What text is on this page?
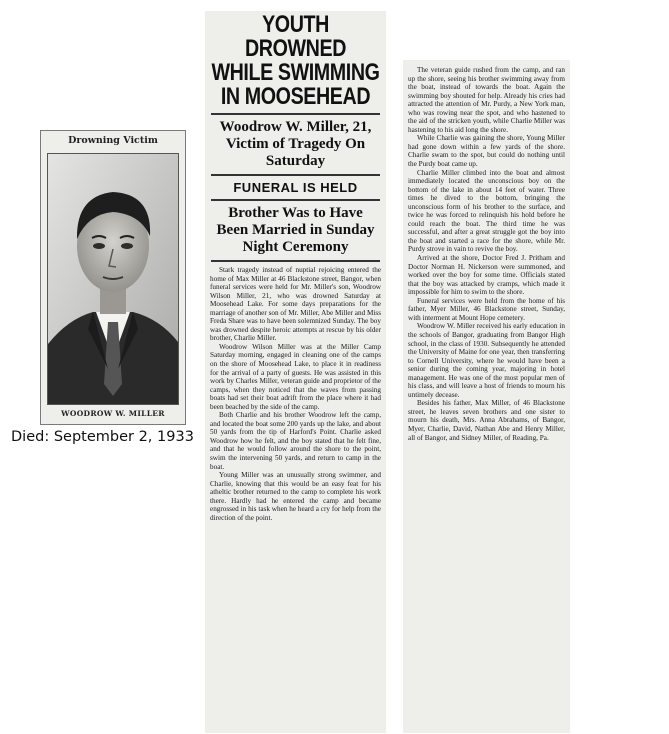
Drowning Victim
WOODROW W. MILLER
Died: September 2, 1933
YOUTH DROWNED
WHILE SWIMMING
IN MOOSEHEAD
Woodrow W. Miller, 21, Victim of Tragedy On Saturday
FUNERAL IS HELD
Brother Was to Have Been Married in Sunday Night Ceremony

Stark tragedy instead of nuptial rejoicing entered the home of Max Miller at 46 Blackstone street, Bangor, when funeral services were held for Mr. Miller's son, Woodrow Wilson Miller, 21, who was drowned Saturday at Moosehead Lake. For some days preparations for the marriage of another son of Mr. Miller, Abe Miller and Miss Freda Share was to have been solemnized Sunday. The boy was drowned despite heroic attempts at rescue by his older brother, Charlie Miller.

Woodrow Wilson Miller was at the Miller Camp Saturday morning, engaged in cleaning one of the camps on the shore of Moosehead Lake, to place it in readiness for the arrival of a party of guests. He was assisted in this work by Charles Miller, veteran guide and proprietor of the camps, when they noticed that the waves from passing boats had set their boat adrift from the place where it had been beached by the side of the camp.

Both Charlie and his brother Woodrow left the camp, and located the boat some 200 yards up the lake, and about 50 yards from the tip of Harford's Point. Charlie asked Woodrow how he felt, and the boy stated that he felt fine, and that he would follow around the shore to the point, swim the intervening 50 yards, and return to camp in the boat.

Young Miller was an unusually strong swimmer, and Charlie, knowing that this would be an easy feat for his atheltic brother returned to the camp to complete his work there. Hardly had he entered the camp and became engrossed in his task when he heard a cry for help from the direction of the point.

The veteran guide rushed from the camp, and ran up the shore, seeing his brother swimming away from the boat, instead of towards the boat. Again the swimming boy shouted for help. Already his cries had attracted the attention of Mr. Purdy, a New York man, who was rowing near the spot, and who hastened to the aid of the stricken youth, while Charlie Miller was hastening to his aid long the shore.

While Charlie was gaining the shore, Young Miller had gone down within a few yards of the shore. Charlie swam to the spot, but could do nothing until the Purdy boat came up.

Charlie Miller climbed into the boat and almost immediately located the unconscious boy on the bottom of the lake in about 14 feet of water. Three times he dived to the bottom, bringing the unconscious form of his brother to the surface, and twice he was forced to relinquish his hold before he could reach the boat. The third time he was successful, and after a great struggle got the boy into the boat and started a race for the shore, while Mr. Purdy strove in vain to revive the boy.

Arrived at the shore, Doctor Fred J. Pritham and Doctor Norman H. Nickerson were summoned, and worked over the boy for some time. Officials stated that the boy was attacked by cramps, which made it impossible for him to swim to the shore.

Funeral services were held from the home of his father, Myer Miller, 46 Blackstone street, Sunday, with interment at Mount Hope cemetery.

Woodrow W. Miller received his early education in the schools of Bangor, graduating from Bangor High school, in the class of 1930. Subsequently he attended the University of Maine for one year, then transferring to Cornell University, where he would have been a senior during the coming year, majoring in hotel management. He was one of the most popular men of his class, and will leave a host of friends to mourn his untimely decease.

Besides his father, Max Miller, of 46 Blackstone street, he leaves seven brothers and one sister to mourn his death, Mrs. Anna Abrahams, of Bangor, Myer, Charlie, David, Nathan Abe and Henry Miller, all of Bangor, and Sidney Miller, of Reading, Pa.
